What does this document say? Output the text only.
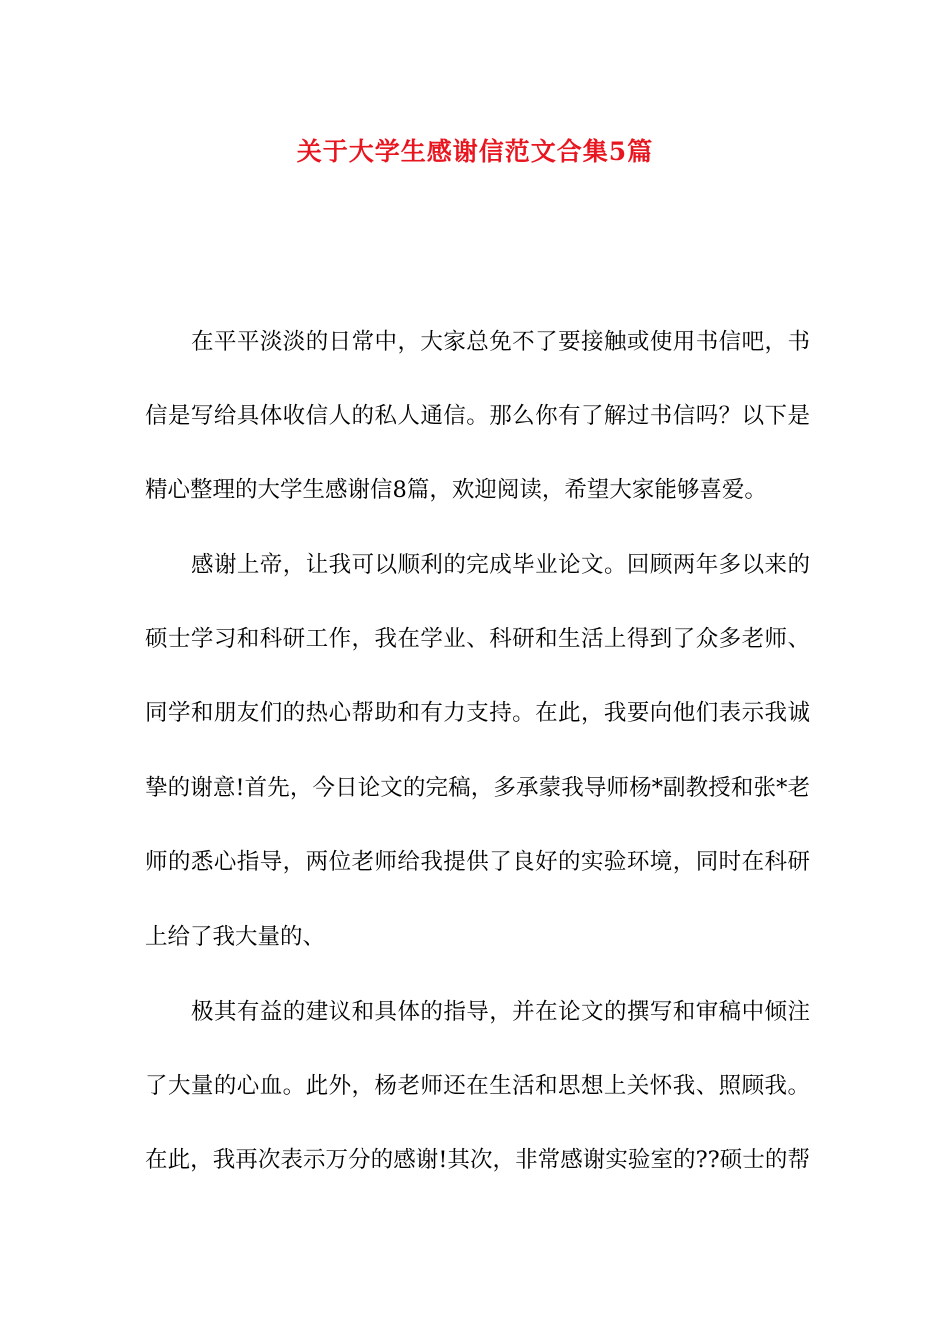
关于大学生感谢信范文合集5篇
在平平淡淡的日常中，大家总免不了要接触或使用书信吧，书
信是写给具体收信人的私人通信。那么你有了解过书信吗？以下是
精心整理的大学生感谢信8篇，欢迎阅读，希望大家能够喜爱。
感谢上帝，让我可以顺利的完成毕业论文。回顾两年多以来的
硕士学习和科研工作，我在学业、科研和生活上得到了众多老师、
同学和朋友们的热心帮助和有力支持。在此，我要向他们表示我诚
挚的谢意!首先，今日论文的完稿，多承蒙我导师杨*副教授和张*老
师的悉心指导，两位老师给我提供了良好的实验环境，同时在科研
上给了我大量的、
极其有益的建议和具体的指导，并在论文的撰写和审稿中倾注
了大量的心血。此外，杨老师还在生活和思想上关怀我、照顾我。
在此，我再次表示万分的感谢!其次，非常感谢实验室的??硕士的帮
